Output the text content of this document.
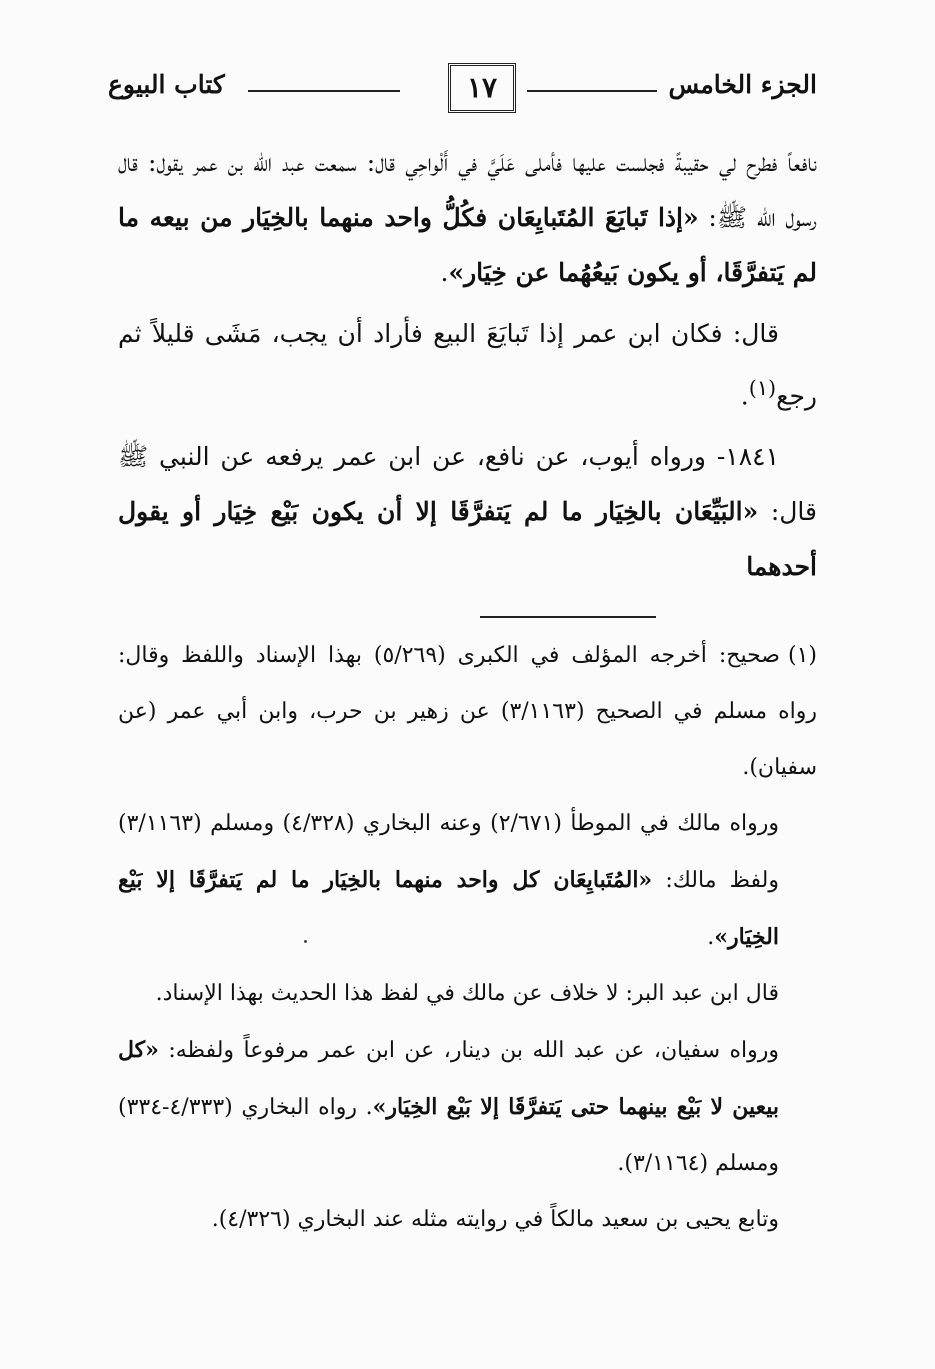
الجزء الخامس
١٧
كتاب البيوع

نافعاً فطرح لي حقيبةً فجلست عليها فأملى عَلَيَّ في أَلْواحِي قال: سمعت عبد الله بن عمر يقول: قال رسول الله ﷺ: «إذا تَبايَعَ المُتَبايِعَان فكُلُّ واحد منهما بالخِيَار من بيعه ما لم يَتفرَّقَا، أو يكون بَيعُهُما عن خِيَار».

قال: فكان ابن عمر إذا تَبايَعَ البيع فأراد أن يجب، مَشَى قليلاً ثم رجع$^{(١)}$.

١٨٤١- ورواه أيوب، عن نافع، عن ابن عمر يرفعه عن النبي ﷺ قال: «البَيِّعَان بالخِيَار ما لم يَتفرَّقَا إلا أن يكون بَيْع خِيَار أو يقول أحدهما

(١)صحيح: أخرجه المؤلف في الكبرى (٥/٢٦٩) بهذا الإسناد واللفظ وقال: رواه مسلم في الصحيح (٣/١١٦٣) عن زهير بن حرب، وابن أبي عمر (عن سفيان).

ورواه مالك في الموطأ (٢/٦٧١) وعنه البخاري (٤/٣٢٨) ومسلم (٣/١١٦٣) ولفظ مالك: «المُتَبايِعَان كل واحد منهما بالخِيَار ما لم يَتفرَّقَا إلا بَيْع الخِيَار».

قال ابن عبد البر: لا خلاف عن مالك في لفظ هذا الحديث بهذا الإسناد.

ورواه سفيان، عن عبد الله بن دينار، عن ابن عمر مرفوعاً ولفظه: «كل بيعين لا بَيْع بينهما حتى يَتفرَّقَا إلا بَيْع الخِيَار». رواه البخاري (٤/٣٣٣-٣٣٤) ومسلم (٣/١١٦٤).

وتابع يحيى بن سعيد مالكاً في روايته مثله عند البخاري (٤/٣٢٦).
